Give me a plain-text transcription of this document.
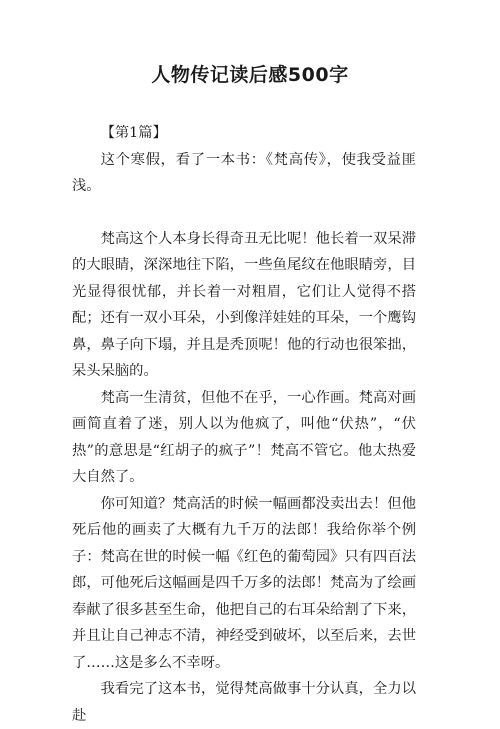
人物传记读后感500字
【第1篇】

这个寒假，看了一本书：《梵高传》，使我受益匪浅。

梵高这个人本身长得奇丑无比呢！他长着一双呆滞的大眼睛，深深地往下陷，一些鱼尾纹在他眼睛旁，目光显得很忧郁，并长着一对粗眉，它们让人觉得不搭配；还有一双小耳朵，小到像洋娃娃的耳朵，一个鹰钩鼻，鼻子向下塌，并且是秃顶呢！他的行动也很笨拙，呆头呆脑的。

梵高一生清贫，但他不在乎，一心作画。梵高对画画简直着了迷，别人以为他疯了，叫他“伏热”，“伏热”的意思是“红胡子的疯子”！梵高不管它。他太热爱大自然了。

你可知道？梵高活的时候一幅画都没卖出去！但他死后他的画卖了大概有九千万的法郎！我给你举个例子：梵高在世的时候一幅《红色的葡萄园》只有四百法郎，可他死后这幅画是四千万多的法郎！梵高为了绘画奉献了很多甚至生命，他把自己的右耳朵给割了下来，并且让自己神志不清，神经受到破坏，以至后来，去世了……这是多么不幸呀。

我看完了这本书，觉得梵高做事十分认真，全力以赴
